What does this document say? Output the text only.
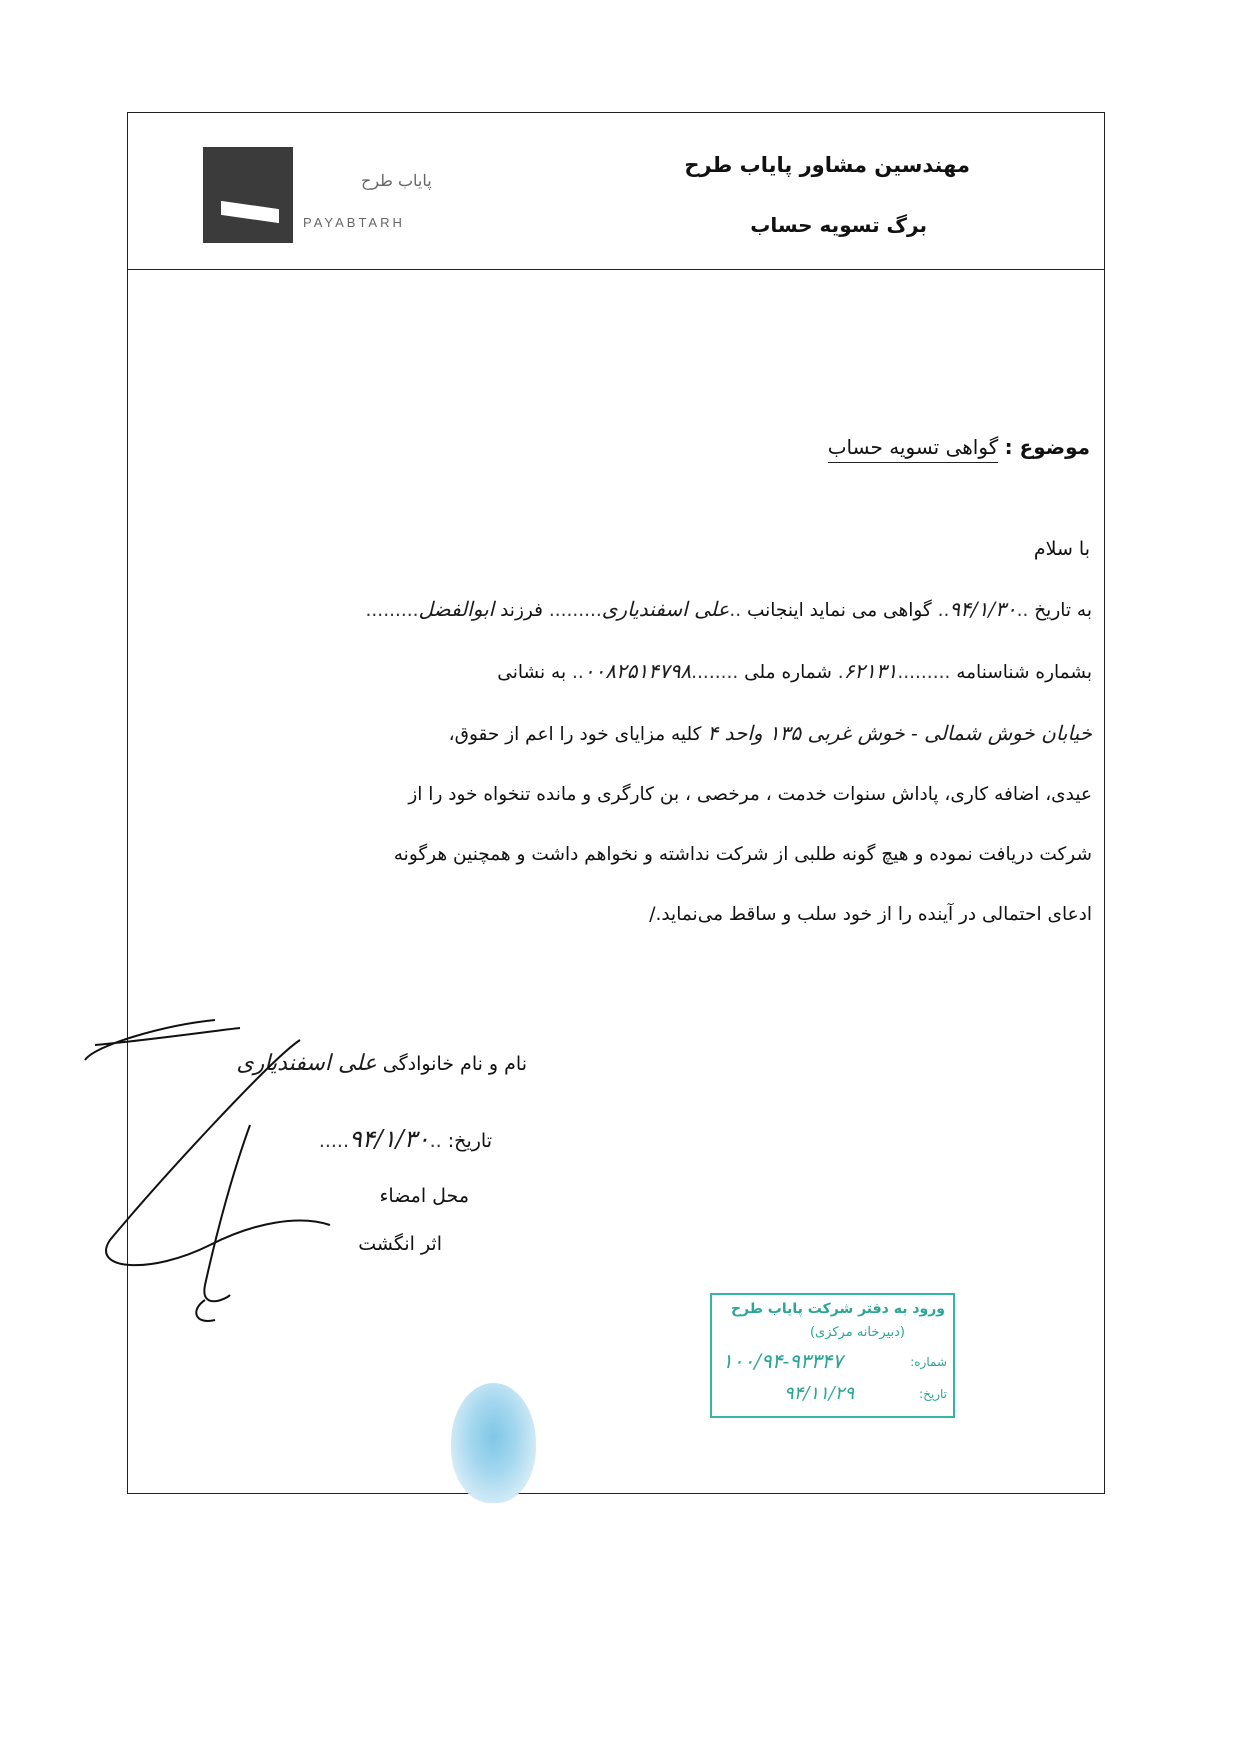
پایاب طرح
PAYABTARH
مهندسین مشاور پایاب طرح
برگ تسویه حساب
موضوع : گواهی تسویه حساب
با سلام
به تاریخ ..۹۴/۱/۳۰.. گواهی می نماید اینجانب ..علی اسفندیاری......... فرزند ابوالفضل.........
بشماره شناسنامه .........۶۲۱۳۱. شماره ملی ........۰۰۸۲۵۱۴۷۹۸.. به نشانی
خیابان خوش شمالی - خوش غربی ۱۳۵ واحد ۴ کلیه مزایای خود را اعم از حقوق،
عیدی، اضافه کاری، پاداش سنوات خدمت ، مرخصی ، بن کارگری و مانده تنخواه خود را از
شرکت دریافت نموده و هیچ گونه طلبی از شرکت نداشته و نخواهم داشت و همچنین هرگونه
ادعای احتمالی در آینده را از خود سلب و ساقط می‌نماید./
نام و نام خانوادگی علی اسفندیاری
تاریخ: ..۹۴/۱/۳۰.....
محل امضاء
اثر انگشت
ورود به دفتر شرکت پایاب طرح
(دبیرخانه مرکزی)
شماره:
۱۰۰/۹۴-۹۳۳۴۷
تاریخ:
۹۴/۱۱/۲۹
